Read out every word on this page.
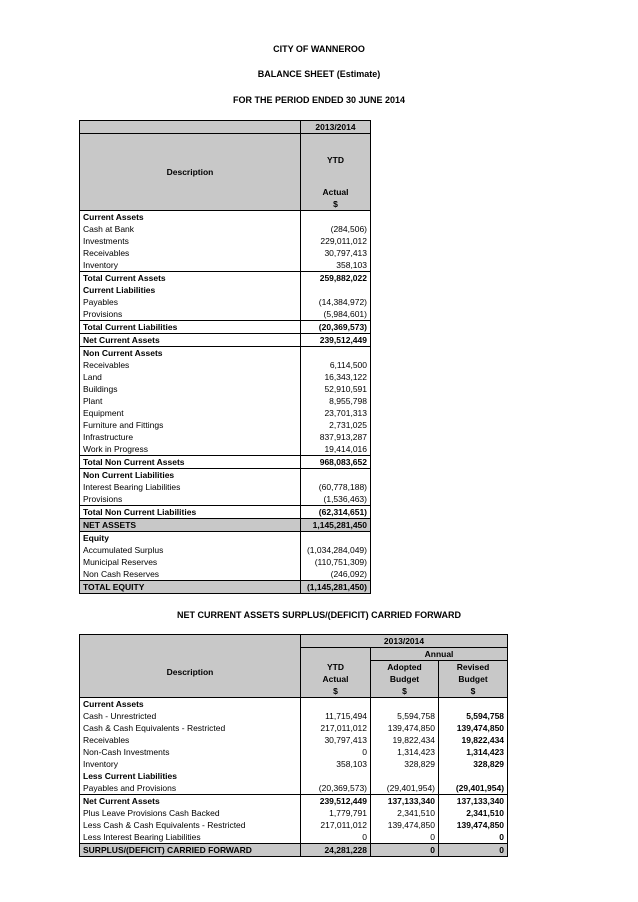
CITY OF WANNEROO
BALANCE SHEET (Estimate)
FOR THE PERIOD ENDED 30 JUNE 2014
	2013/2014
Description	YTD
	Actual
	$
Current Assets	
Cash at Bank	(284,506)
Investments	229,011,012
Receivables	30,797,413
Inventory	358,103
Total Current Assets	259,882,022
Current Liabilities	
Payables	(14,384,972)
Provisions	(5,984,601)
Total Current Liabilities	(20,369,573)
Net Current Assets	239,512,449
Non Current Assets	
Receivables	6,114,500
Land	16,343,122
Buildings	52,910,591
Plant	8,955,798
Equipment	23,701,313
Furniture and Fittings	2,731,025
Infrastructure	837,913,287
Work in Progress	19,414,016
Total Non Current Assets	968,083,652
Non Current Liabilities	
Interest Bearing Liabilities	(60,778,188)
Provisions	(1,536,463)
Total Non Current Liabilities	(62,314,651)
NET ASSETS	1,145,281,450
Equity	
Accumulated Surplus	(1,034,284,049)
Municipal Reserves	(110,751,309)
Non Cash Reserves	(246,092)
TOTAL EQUITY	(1,145,281,450)
NET CURRENT ASSETS SURPLUS/(DEFICIT) CARRIED FORWARD
	2013/2014		
Description		Annual	
	YTD	Adopted	Revised
	Actual	Budget	Budget
	$	$	$
Current Assets			
Cash - Unrestricted	11,715,494	5,594,758	5,594,758
Cash & Cash Equivalents - Restricted	217,011,012	139,474,850	139,474,850
Receivables	30,797,413	19,822,434	19,822,434
Non-Cash Investments	0	1,314,423	1,314,423
Inventory	358,103	328,829	328,829
Less Current Liabilities			
Payables and Provisions	(20,369,573)	(29,401,954)	(29,401,954)
Net Current Assets	239,512,449	137,133,340	137,133,340
Plus Leave Provisions Cash Backed	1,779,791	2,341,510	2,341,510
Less Cash & Cash Equivalents - Restricted	217,011,012	139,474,850	139,474,850
Less Interest Bearing Liabilities	0	0	0
SURPLUS/(DEFICIT) CARRIED FORWARD	24,281,228	0	0
